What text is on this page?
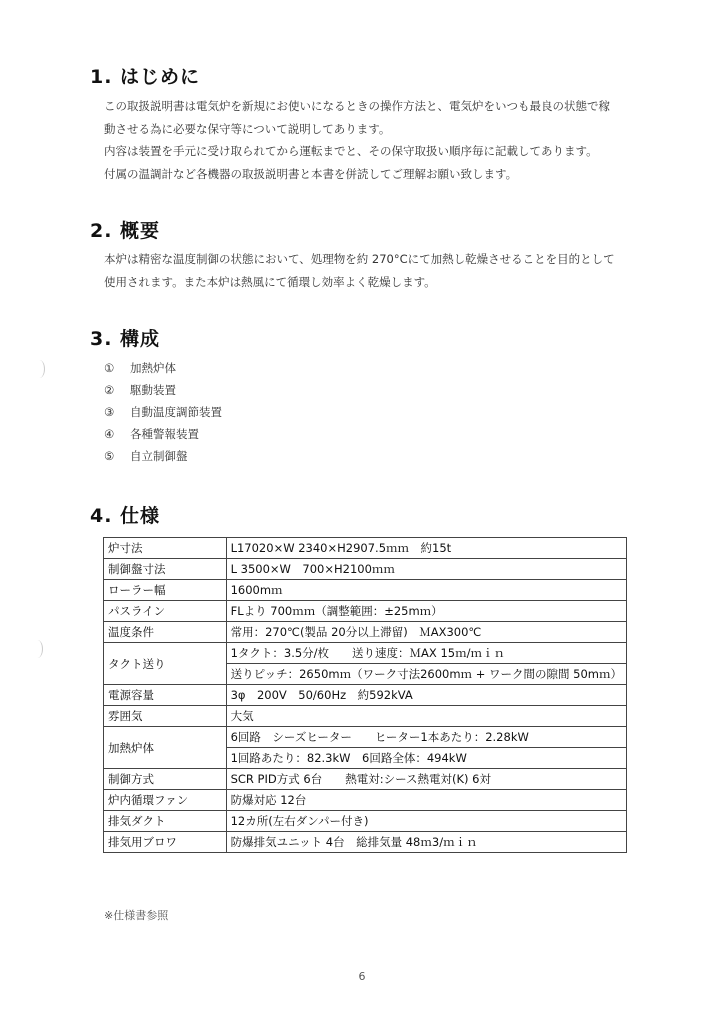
1. はじめに
この取扱説明書は電気炉を新規にお使いになるときの操作方法と、電気炉をいつも最良の状態で稼
動させる為に必要な保守等について説明してあります。
内容は装置を手元に受け取られてから運転までと、その保守取扱い順序毎に記載してあります。
付属の温調計など各機器の取扱説明書と本書を併読してご理解お願い致します。
2. 概要
本炉は精密な温度制御の状態において、処理物を約 270°Cにて加熱し乾燥させることを目的として
使用されます。また本炉は熱風にて循環し効率よく乾燥します。
3. 構成
① 加熱炉体
② 駆動装置
③ 自動温度調節装置
④ 各種警報装置
⑤ 自立制御盤
4. 仕様
炉寸法	L17020×W 2340×H2907.5ｍｍ　約15t
制御盤寸法	L 3500×W　700×H2100ｍｍ
ローラー幅	1600mｍ
パスライン	FLより 700ｍｍ（調整範囲：±25mｍ）
温度条件	常用：270℃(製品 20分以上滞留)　ＭAX300℃
タクト送り	1タクト：3.5分/枚　　送り速度：ＭAX 15ｍ/ｍｉｎ
	送りピッチ：2650mｍ（ワーク寸法2600mｍ + ワーク間の隙間 50mｍ）
電源容量	3φ　200V　50/60Hz　約592kVA
雰囲気	大気
加熱炉体	6回路　シーズヒーター　　ヒーター1本あたり：2.28kW
	1回路あたり：82.3kW　6回路全体：494kW
制御方式	SCR PID方式 6台　　熱電対:シース熱電対(K) 6対
炉内循環ファン	防爆対応 12台
排気ダクト	12カ所(左右ダンパー付き)
排気用ブロワ	防爆排気ユニット 4台　総排気量 48ｍ3/ｍｉｎ
※仕様書参照
6
